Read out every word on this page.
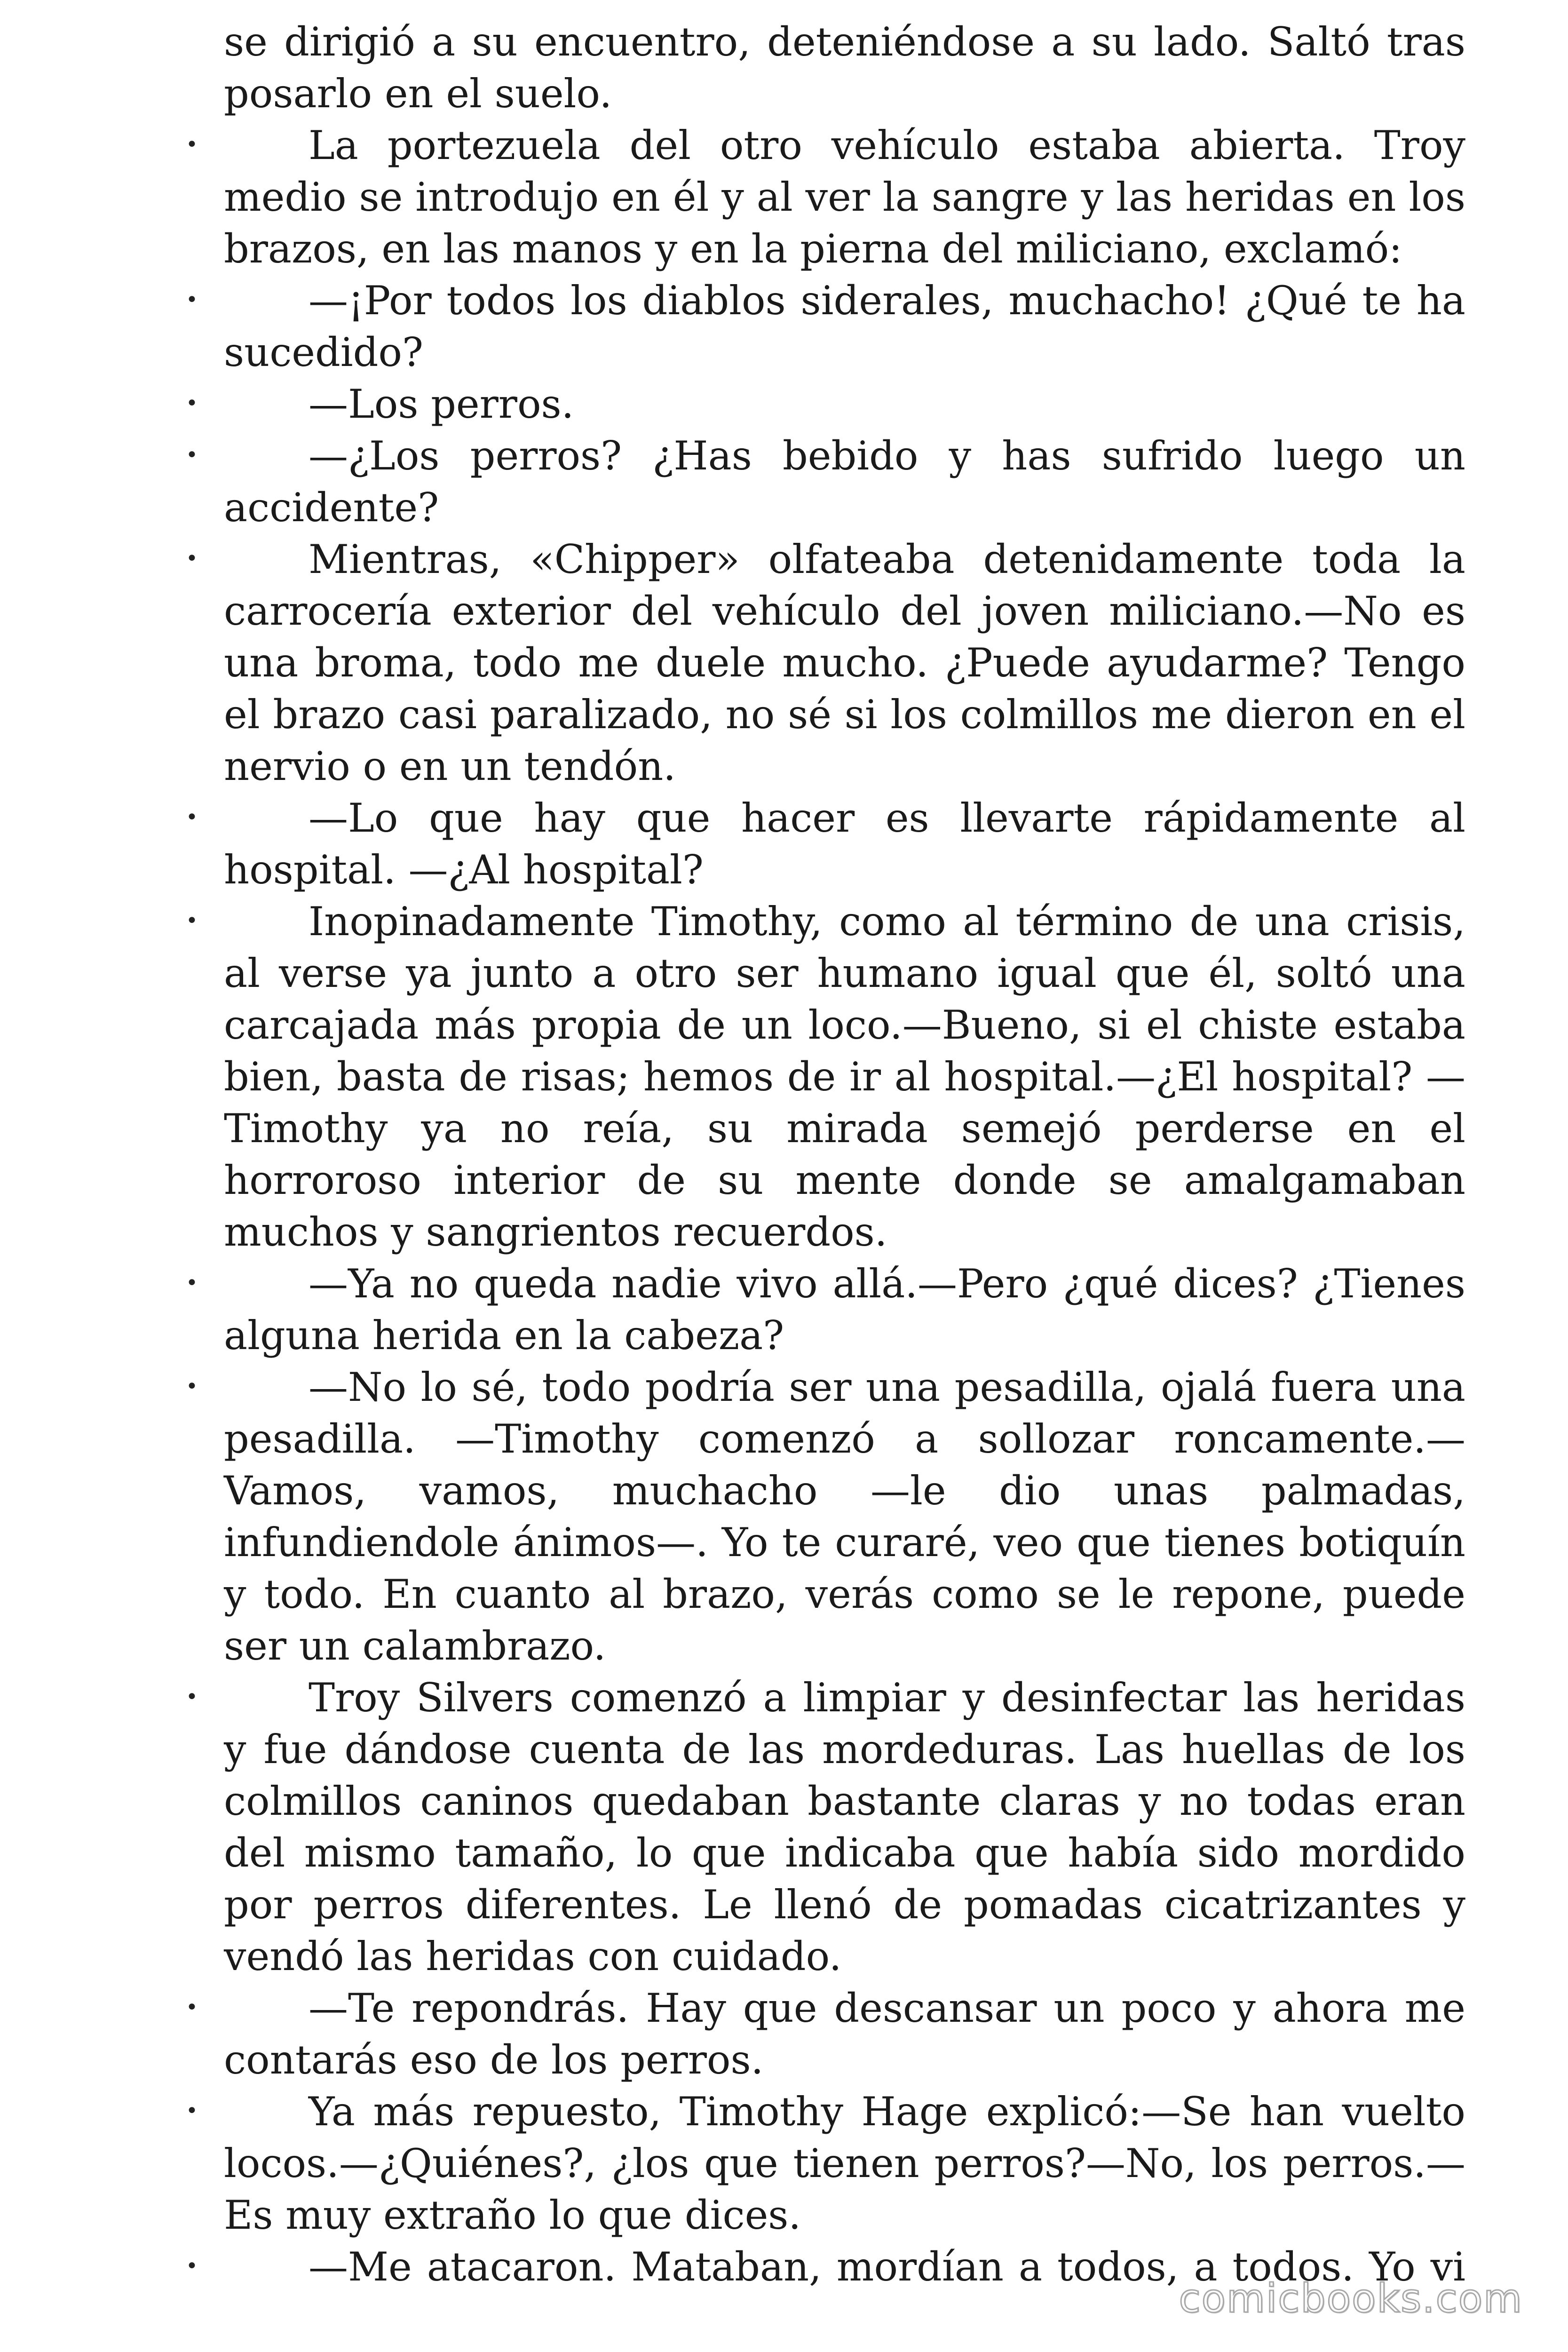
se dirigió a su encuentro, deteniéndose a su lado. Saltó tras posarlo en el suelo.
•	La portezuela del otro vehículo estaba abierta. Troy medio se introdujo en él y al ver la sangre y las heridas en los brazos, en las manos y en la pierna del miliciano, exclamó:
•	—¡Por todos los diablos siderales, muchacho! ¿Qué te ha sucedido?
•	—Los perros.
•	—¿Los perros? ¿Has bebido y has sufrido luego un accidente?
•	Mientras, «Chipper» olfateaba detenidamente toda la carrocería exterior del vehículo del joven miliciano.—No es una broma, todo me duele mucho. ¿Puede ayudarme? Tengo el brazo casi paralizado, no sé si los colmillos me dieron en el nervio o en un tendón.
•	—Lo que hay que hacer es llevarte rápidamente al hospital. —¿Al hospital?
•	Inopinadamente Timothy, como al término de una crisis, al verse ya junto a otro ser humano igual que él, soltó una carcajada más propia de un loco.—Bueno, si el chiste estaba bien, basta de risas; hemos de ir al hospital.—¿El hospital? —Timothy ya no reía, su mirada semejó perderse en el horroroso interior de su mente donde se amalgamaban muchos y sangrientos recuerdos.
•	—Ya no queda nadie vivo allá.—Pero ¿qué dices? ¿Tienes alguna herida en la cabeza?
•	—No lo sé, todo podría ser una pesadilla, ojalá fuera una pesadilla. —Timothy comenzó a sollozar roncamente.—Vamos, vamos, muchacho —le dio unas palmadas, infundiendole ánimos—. Yo te curaré, veo que tienes botiquín y todo. En cuanto al brazo, verás como se le repone, puede ser un calambrazo.
•	Troy Silvers comenzó a limpiar y desinfectar las heridas y fue dándose cuenta de las mordeduras. Las huellas de los colmillos caninos quedaban bastante claras y no todas eran del mismo tamaño, lo que indicaba que había sido mordido por perros diferentes. Le llenó de pomadas cicatrizantes y vendó las heridas con cuidado.
•	—Te repondrás. Hay que descansar un poco y ahora me contarás eso de los perros.
•	Ya más repuesto, Timothy Hage explicó:—Se han vuelto locos.—¿Quiénes?, ¿los que tienen perros?—No, los perros.—Es muy extraño lo que dices.
•	—Me atacaron. Mataban, mordían a todos, a todos. Yo vi
comicbooks.com
